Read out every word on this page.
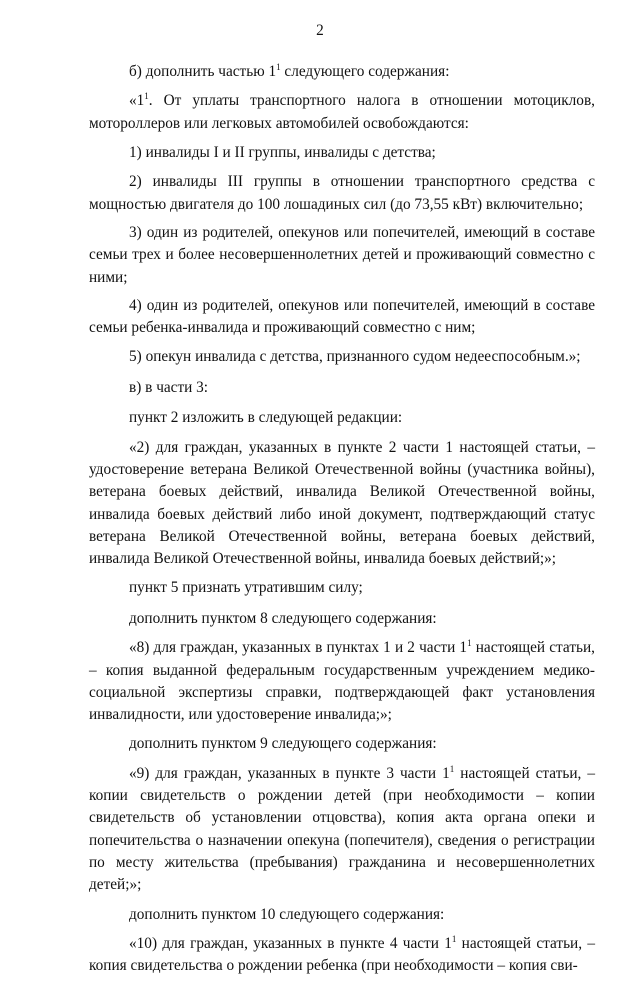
2

б) дополнить частью $1^1$ следующего содержания:

«$1^1$. От уплаты транспортного налога в отношении мотоциклов, моторoллеров или легковых автомобилей освобождаются:

1) инвалиды I и II группы, инвалиды с детства;

2) инвалиды III группы в отношении транспортного средства с мощностью двигателя до 100 лошадиных сил (до 73,55 кВт) включительно;

3) один из родителей, опекунов или попечителей, имеющий в составе семьи трех и более несовершеннолетних детей и проживающий совместно с ними;

4) один из родителей, опекунов или попечителей, имеющий в составе семьи ребенка-инвалида и проживающий совместно с ним;

5) опекун инвалида с детства, признанного судом недееспособным.»;

в) в части 3:

пункт 2 изложить в следующей редакции:

«2) для граждан, указанных в пункте 2 части 1 настоящей статьи, – удостоверение ветерана Великой Отечественной войны (участника войны), ветерана боевых действий, инвалида Великой Отечественной войны, инвалида боевых действий либо иной документ, подтверждающий статус ветерана Великой Отечественной войны, ветерана боевых действий, инвалида Великой Отечественной войны, инвалида боевых действий;»;

пункт 5 признать утратившим силу;

дополнить пунктом 8 следующего содержания:

«8) для граждан, указанных в пунктах 1 и 2 части $1^1$ настоящей статьи, – копия выданной федеральным государственным учреждением медико-социальной экспертизы справки, подтверждающей факт установления инвалидности, или удостоверение инвалида;»;

дополнить пунктом 9 следующего содержания:

«9) для граждан, указанных в пункте 3 части $1^1$ настоящей статьи, – копии свидетельств о рождении детей (при необходимости – копии свидетельств об установлении отцовства), копия акта органа опеки и попечительства о назначении опекуна (попечителя), сведения о регистрации по месту жительства (пребывания) гражданина и несовершеннолетних детей;»;

дополнить пунктом 10 следующего содержания:

«10) для граждан, указанных в пункте 4 части $1^1$ настоящей статьи, – копия свидетельства о рождении ребенка (при необходимости – копия сви-
